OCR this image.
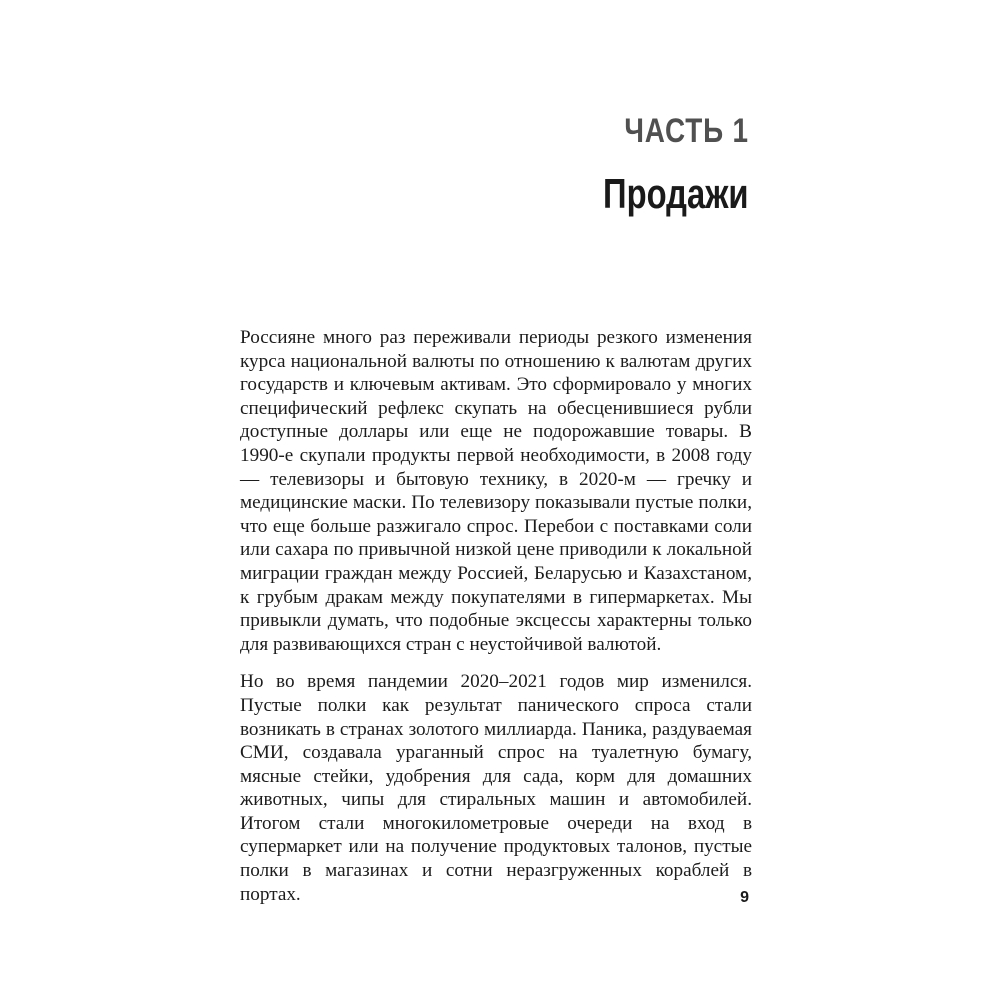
ЧАСТЬ 1
Продажи

Россияне много раз переживали периоды резкого изменения курса национальной валюты по отношению к валютам других государств и ключевым активам. Это сформировало у многих специфический рефлекс скупать на обесценившиеся рубли доступные доллары или еще не подорожавшие товары. В 1990-е скупали продукты первой необходимости, в 2008 году — телевизоры и бытовую технику, в 2020-м — гречку и медицинские маски. По телевизору показывали пустые полки, что еще больше разжигало спрос. Перебои с поставками соли или сахара по привычной низкой цене приводили к локальной миграции граждан между Россией, Беларусью и Казахстаном, к грубым дракам между покупателями в гипермаркетах. Мы привыкли думать, что подобные эксцессы характерны только для развивающихся стран с неустойчивой валютой.

Но во время пандемии 2020–2021 годов мир изменился. Пустые полки как результат панического спроса стали возникать в странах золотого миллиарда. Паника, раздуваемая СМИ, создавала ураганный спрос на туалетную бумагу, мясные стейки, удобрения для сада, корм для домашних животных, чипы для стиральных машин и автомобилей. Итогом стали многокилометровые очереди на вход в супермаркет или на получение продуктовых талонов, пустые полки в магазинах и сотни неразгруженных кораблей в портах.	9
